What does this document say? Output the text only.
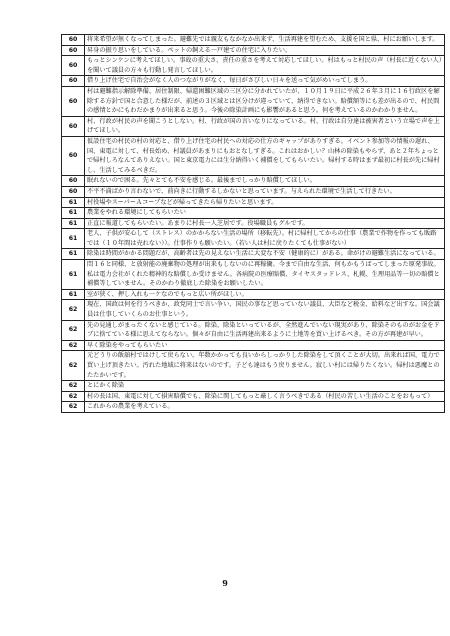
60	将来希望が無くなってしまった。避難先では親友もなかなか出来ず、生活再建を望むため、支援を国と県、村にお願いします。
60	昇身の振り思いをしている。ペットの飼える一戸建ての住宅に入りたい。
60	もっとシンケンに考えてほしい。事故の重大さ、責任の重さを考えて対応してほしい。村はもっと村民の声（村長に近くない人）を聞いて議員の方々も行動し発言してほしい。
60	借り上げ住宅で自治会がなく人のつながりがなく、毎日がさびしい日々を送って気がめいってしまう。
60	村は避難指示解除準備、居住制限、帰還困難区域の三区分に分かれていたが、１０月１９日に平成２６年３月に１６行政区を解除する方針で国と合意した様だが、前述の３区域とは区分けが違っていて、納得できない。賠償額等にも差が出るので、村民間の感情とかにもわだかまりが出来ると思う。今後の除染計画にも影響があると思う。何を考えているのかわかりません。
60	村、行政が村民の声を聞こうとしない。村、行政が国の言いなりになっている。村、行政は自分達は被害者という立場で声を上げてほしい。
60	仮設住宅の村民の村の対応と、借り上げ住宅の村民への対応の仕方のギャップがありすぎる。イベント参加等の情報の遅れ、国、東電に対して、村長始め、村議員があまりにもおとなしすぎる。これはおかしい？山林の除染もやらず、あと２年ちょっとで帰村しろなんてありえない。国と東京電力には生分納得いく補償をしてもらいたい。帰村する時はまず最初に村長が先に帰村し、生活してみるべきだ。
60	眠れないので困る。先々とても不安を感じる。最後までしっかり賠償してほしい。
60	不平不満ばかり言わないで、前向きに行動するしかないと思っています。与えられた環境で生活して行きたい。
61	村役場やスーパーＡコープなどが帰ってきたら帰りたいと思います。
61	農業をやれる環境にしてもらいたい
61	正直に報道してもらいたい。あまりに村長一人芝居です。役場職員もグルです。
61	老人、子供が安心して（ストレス）のかからない生活の場所（移転先）。村に帰村してからの仕事（農業で作物を作っても販路では（１０年間は売れない））。仕事作りも願いたい。（若い人は村に戻りたくても仕事がない）
61	除染は時間がかかる問題だが、高齢者は先の見えない生活に大変な不安（健康的に）がある。命がけの避難生活になっている。
61	問１６と同様、と放射能の廃棄物の処理が出来もしないのに再稼働。今まで自由な生活、何もかもうばってしまった原発事故。私は電力会社がくれた精神的な賠償しか受けません。各病院の医療賠償、タイヤスタッドレス、札幌、生理用品等一切の賠償と補償等していません。そのかわり徹底した除染をお願いしたい。
61	室が狭く、押し入れも一ケなのでもっと広い所がほしい。
62	現在、国政は何を行うべきか、政党同士で言い争い、国民の事など思っていない議員、大臣など税金、給料など出すな。国会議員は仕事していくらのお仕事という。
62	先の見通しがまったくないと感じている。除染、除染といっているが、全然進んでいない現実があり、除染そのものがお金をドブに捨てている様に思えてならない。個々が自由に生活再建出来るように土地等を買い上げるべき。その方が再建が早い。
62	早く除染をやってもらいたい
62	元どうりの飯舘村ではけして戻らない。年数かかっても良いからしっかりした除染をして頂くことが大切。出来れば国、電力で買い上げ頂きたい。汚れた地域に将来はないのです。子ども達はもう戻りません。寂しい村には帰りたくない。帰村は悪魔とのたたかいです。
62	とにかく除染
62	村の長は国、東電に対して損害賠償でも、除染に関してもっと厳しく言うべきである（村民の苦しい生活のことをおもって）
62	これからの農業を考えている。
9
